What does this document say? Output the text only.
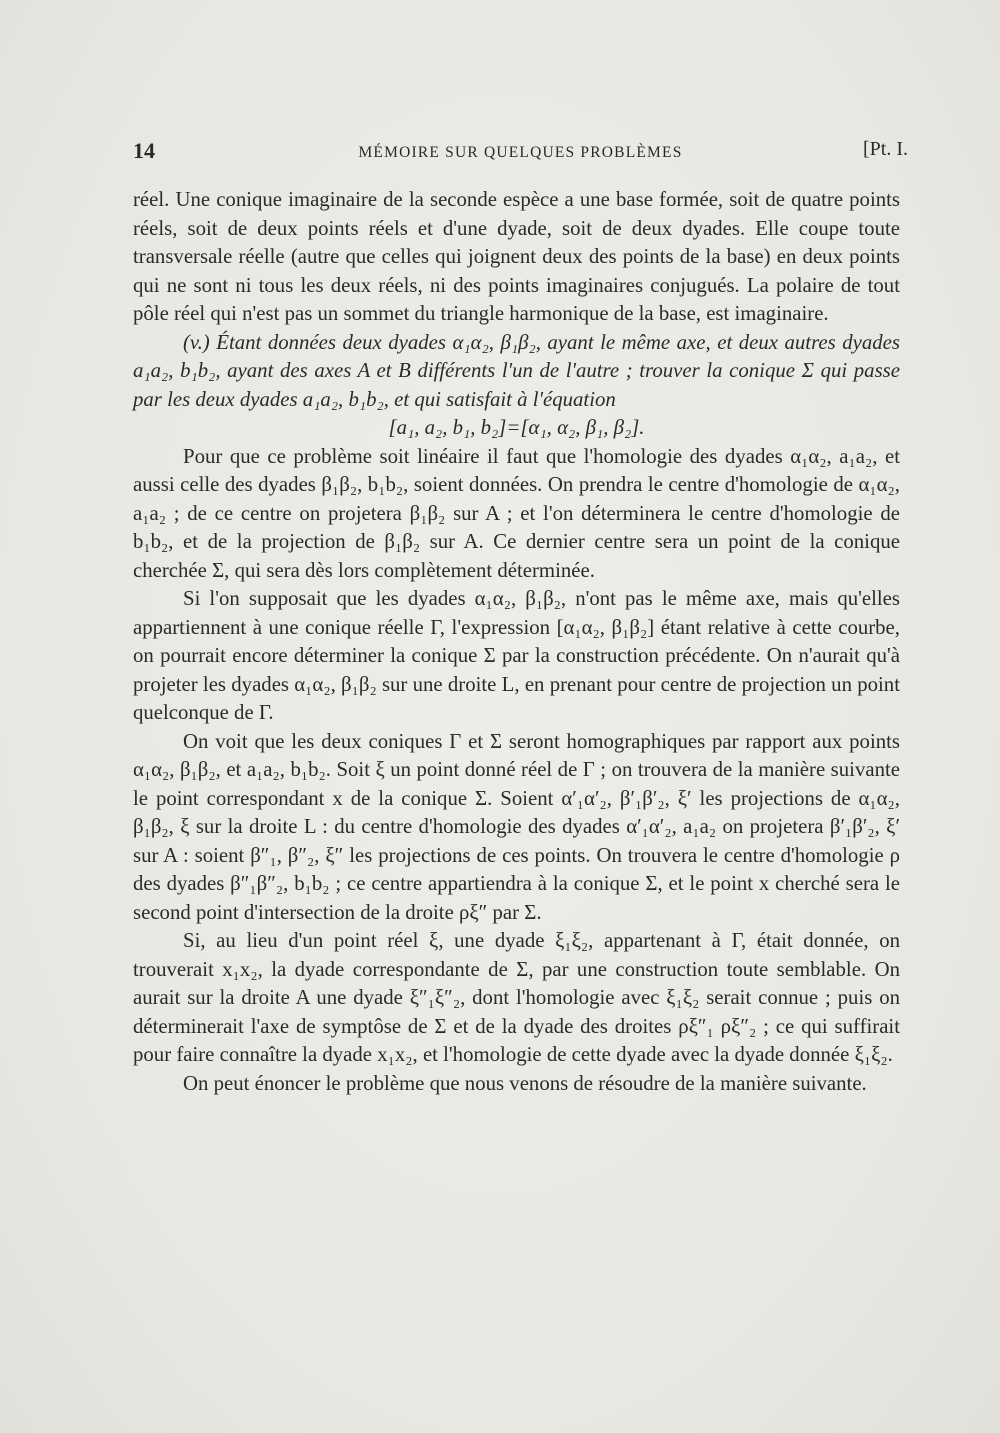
14	MÉMOIRE SUR QUELQUES PROBLÈMES	[Pt. I.

réel. Une conique imaginaire de la seconde espèce a une base formée, soit de quatre points réels, soit de deux points réels et d'une dyade, soit de deux dyades. Elle coupe toute transversale réelle (autre que celles qui joignent deux des points de la base) en deux points qui ne sont ni tous les deux réels, ni des points imaginaires conjugués. La polaire de tout pôle réel qui n'est pas un sommet du triangle harmonique de la base, est imaginaire.

(v.) Étant données deux dyades α₁α₂, β₁β₂, ayant le même axe, et deux autres dyades a₁a₂, b₁b₂, ayant des axes A et B différents l'un de l'autre ; trouver la conique Σ qui passe par les deux dyades a₁a₂, b₁b₂, et qui satisfait à l'équation

[a₁, a₂, b₁, b₂]=[α₁, α₂, β₁, β₂].

Pour que ce problème soit linéaire il faut que l'homologie des dyades α₁α₂, a₁a₂, et aussi celle des dyades β₁β₂, b₁b₂, soient données. On prendra le centre d'homologie de α₁α₂, a₁a₂ ; de ce centre on projetera β₁β₂ sur A ; et l'on déterminera le centre d'homologie de b₁b₂, et de la projection de β₁β₂ sur A. Ce dernier centre sera un point de la conique cherchée Σ, qui sera dès lors complètement déterminée.

Si l'on supposait que les dyades α₁α₂, β₁β₂, n'ont pas le même axe, mais qu'elles appartiennent à une conique réelle Γ, l'expression [α₁α₂, β₁β₂] étant relative à cette courbe, on pourrait encore déterminer la conique Σ par la construction précédente. On n'aurait qu'à projeter les dyades α₁α₂, β₁β₂ sur une droite L, en prenant pour centre de projection un point quelconque de Γ.

On voit que les deux coniques Γ et Σ seront homographiques par rapport aux points α₁α₂, β₁β₂, et a₁a₂, b₁b₂. Soit ξ un point donné réel de Γ ; on trouvera de la manière suivante le point correspondant x de la conique Σ. Soient α′₁α′₂, β′₁β′₂, ξ′ les projections de α₁α₂, β₁β₂, ξ sur la droite L : du centre d'homologie des dyades α′₁α′₂, a₁a₂ on projetera β′₁β′₂, ξ′ sur A : soient β″₁, β″₂, ξ″ les projections de ces points. On trouvera le centre d'homologie ρ des dyades β″₁β″₂, b₁b₂ ; ce centre appartiendra à la conique Σ, et le point x cherché sera le second point d'intersection de la droite ρξ″ par Σ.

Si, au lieu d'un point réel ξ, une dyade ξ₁ξ₂, appartenant à Γ, était donnée, on trouverait x₁x₂, la dyade correspondante de Σ, par une construction toute semblable. On aurait sur la droite A une dyade ξ″₁ξ″₂, dont l'homologie avec ξ₁ξ₂ serait connue ; puis on déterminerait l'axe de symptôse de Σ et de la dyade des droites ρξ″₁ ρξ″₂ ; ce qui suffirait pour faire connaître la dyade x₁x₂, et l'homologie de cette dyade avec la dyade donnée ξ₁ξ₂.

On peut énoncer le problème que nous venons de résoudre de la manière suivante.
